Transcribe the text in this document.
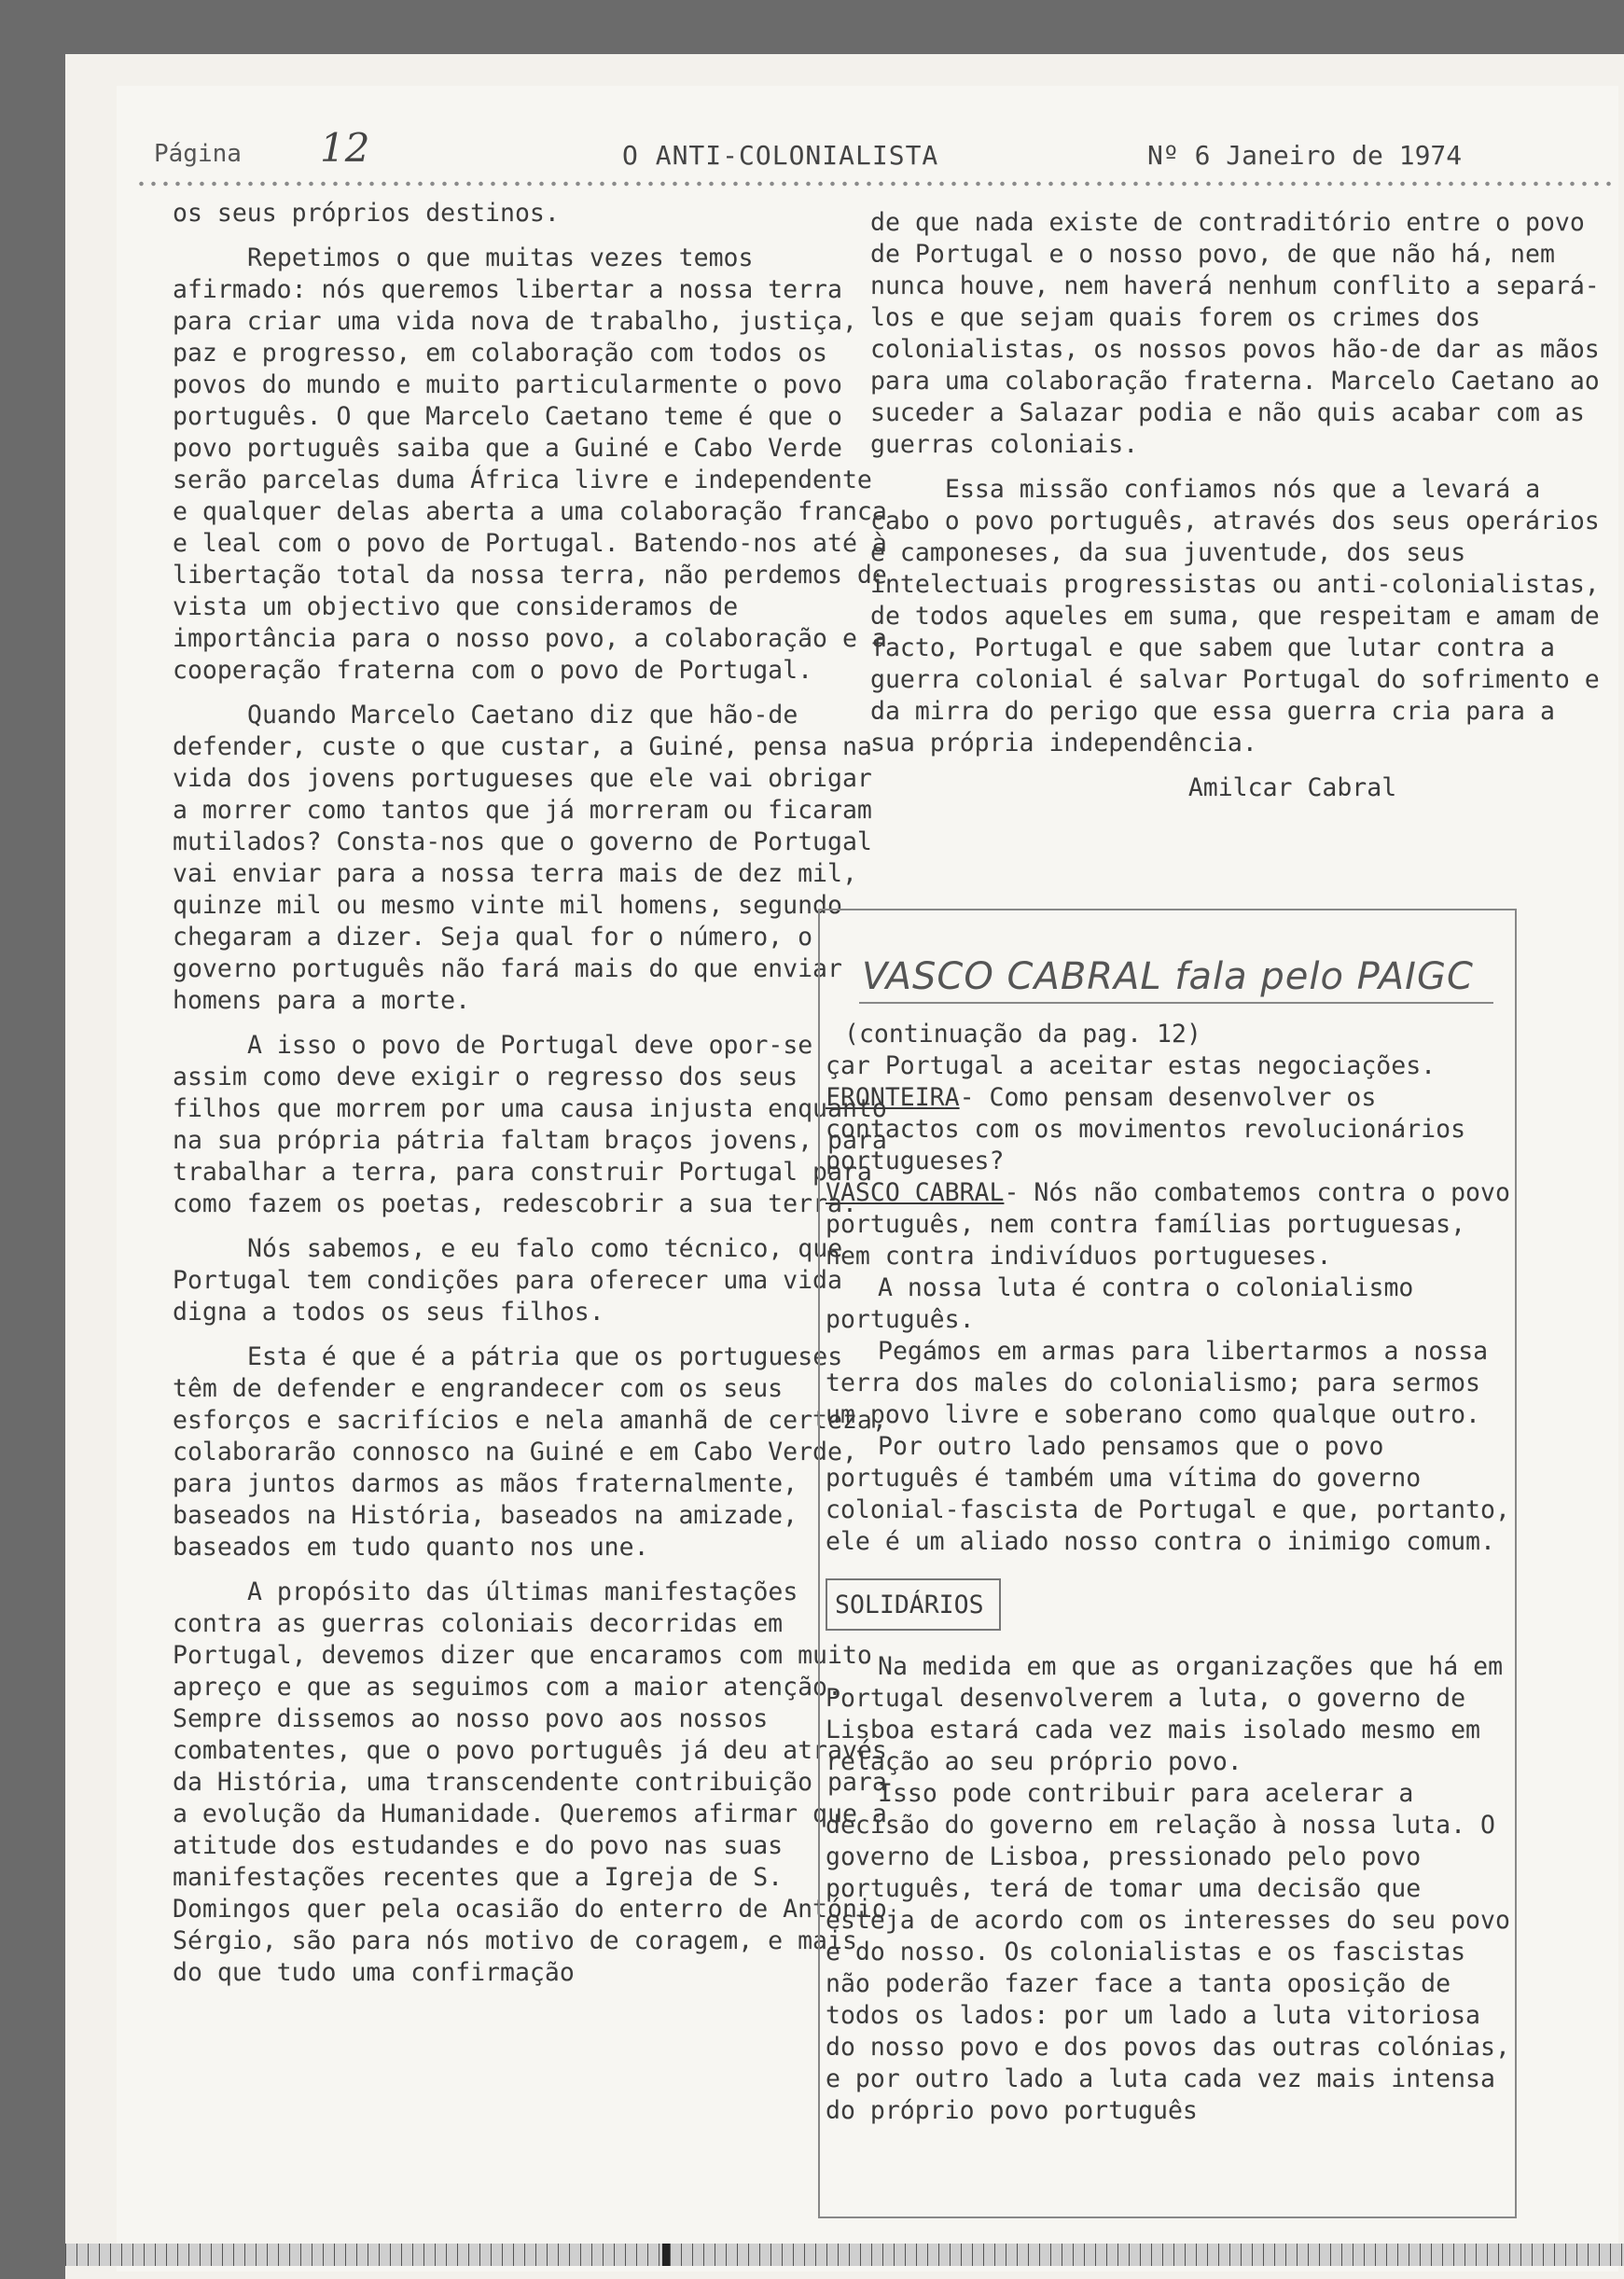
Página 12	O ANTI-COLONIALISTA	Nº 6 Janeiro de 1974

os seus próprios destinos.

Repetimos o que muitas vezes temos afirmado: nós queremos libertar a nossa terra para criar uma vida nova de trabalho, justiça, paz e progresso, em colaboração com todos os povos do mundo e muito particularmente o povo português. O que Marcelo Caetano teme é que o povo português saiba que a Guiné e Cabo Verde serão parcelas duma África livre e independente e qualquer delas aberta a uma colaboração franca e leal com o povo de Portugal. Batendo-nos até à libertação total da nossa terra, não perdemos de vista um objectivo que consideramos de importância para o nosso povo, a colaboração e a cooperação fraterna com o povo de Portugal.

Quando Marcelo Caetano diz que hão-de defender, custe o que custar, a Guiné, pensa na vida dos jovens portugueses que ele vai obrigar a morrer como tantos que já morreram ou ficaram mutilados? Consta-nos que o governo de Portugal vai enviar para a nossa terra mais de dez mil, quinze mil ou mesmo vinte mil homens, segundo chegaram a dizer. Seja qual for o número, o governo português não fará mais do que enviar homens para a morte.

A isso o povo de Portugal deve opor-se assim como deve exigir o regresso dos seus filhos que morrem por uma causa injusta enquanto na sua própria pátria faltam braços jovens, para trabalhar a terra, para construir Portugal para como fazem os poetas, redescobrir a sua terra.

Nós sabemos, e eu falo como técnico, que Portugal tem condições para oferecer uma vida digna a todos os seus filhos.

Esta é que é a pátria que os portugueses têm de defender e engrandecer com os seus esforços e sacrifícios e nela amanhã de certeza, colaborarão connosco na Guiné e em Cabo Verde, para juntos darmos as mãos fraternalmente, baseados na História, baseados na amizade, baseados em tudo quanto nos une.

A propósito das últimas manifestações contra as guerras coloniais decorridas em Portugal, devemos dizer que encaramos com muito apreço e que as seguimos com a maior atenção. Sempre dissemos ao nosso povo aos nossos combatentes, que o povo português já deu através da História, uma transcendente contribuição para a evolução da Humanidade. Queremos afirmar que a atitude dos estudandes e do povo nas suas manifestações recentes que a Igreja de S. Domingos quer pela ocasião do enterro de António Sérgio, são para nós motivo de coragem, e mais do que tudo uma confirmação

de que nada existe de contraditório entre o povo de Portugal e o nosso povo, de que não há, nem nunca houve, nem haverá nenhum conflito a separá-los e que sejam quais forem os crimes dos colonialistas, os nossos povos hão-de dar as mãos para uma colaboração fraterna. Marcelo Caetano ao suceder a Salazar podia e não quis acabar com as guerras coloniais.

Essa missão confiamos nós que a levará a cabo o povo português, através dos seus operários e camponeses, da sua juventude, dos seus intelectuais progressistas ou anti-colonialistas, de todos aqueles em suma, que respeitam e amam de facto, Portugal e que sabem que lutar contra a guerra colonial é salvar Portugal do sofrimento e da mirra do perigo que essa guerra cria para a sua própria independência.

Amilcar Cabral

VASCO CABRAL fala pelo PAIGC

(continuação da pag. 12)

çar Portugal a aceitar estas negociações.

FRONTEIRA- Como pensam desenvolver os contactos com os movimentos revolucionários portugueses?

VASCO CABRAL- Nós não combatemos contra o povo português, nem contra famílias portuguesas, nem contra indivíduos portugueses.

A nossa luta é contra o colonialismo português.

Pegámos em armas para libertarmos a nossa terra dos males do colonialismo; para sermos um povo livre e soberano como qualque outro.

Por outro lado pensamos que o povo português é também uma vítima do governo colonial-fascista de Portugal e que, portanto, ele é um aliado nosso contra o inimigo comum.

SOLIDÁRIOS

Na medida em que as organizações que há em Portugal desenvolverem a luta, o governo de Lisboa estará cada vez mais isolado mesmo em relação ao seu próprio povo.

Isso pode contribuir para acelerar a decisão do governo em relação à nossa luta. O governo de Lisboa, pressionado pelo povo português, terá de tomar uma decisão que esteja de acordo com os interesses do seu povo e do nosso. Os colonialistas e os fascistas não poderão fazer face a tanta oposição de todos os lados: por um lado a luta vitoriosa do nosso povo e dos povos das outras colónias, e por outro lado a luta cada vez mais intensa do próprio povo português
